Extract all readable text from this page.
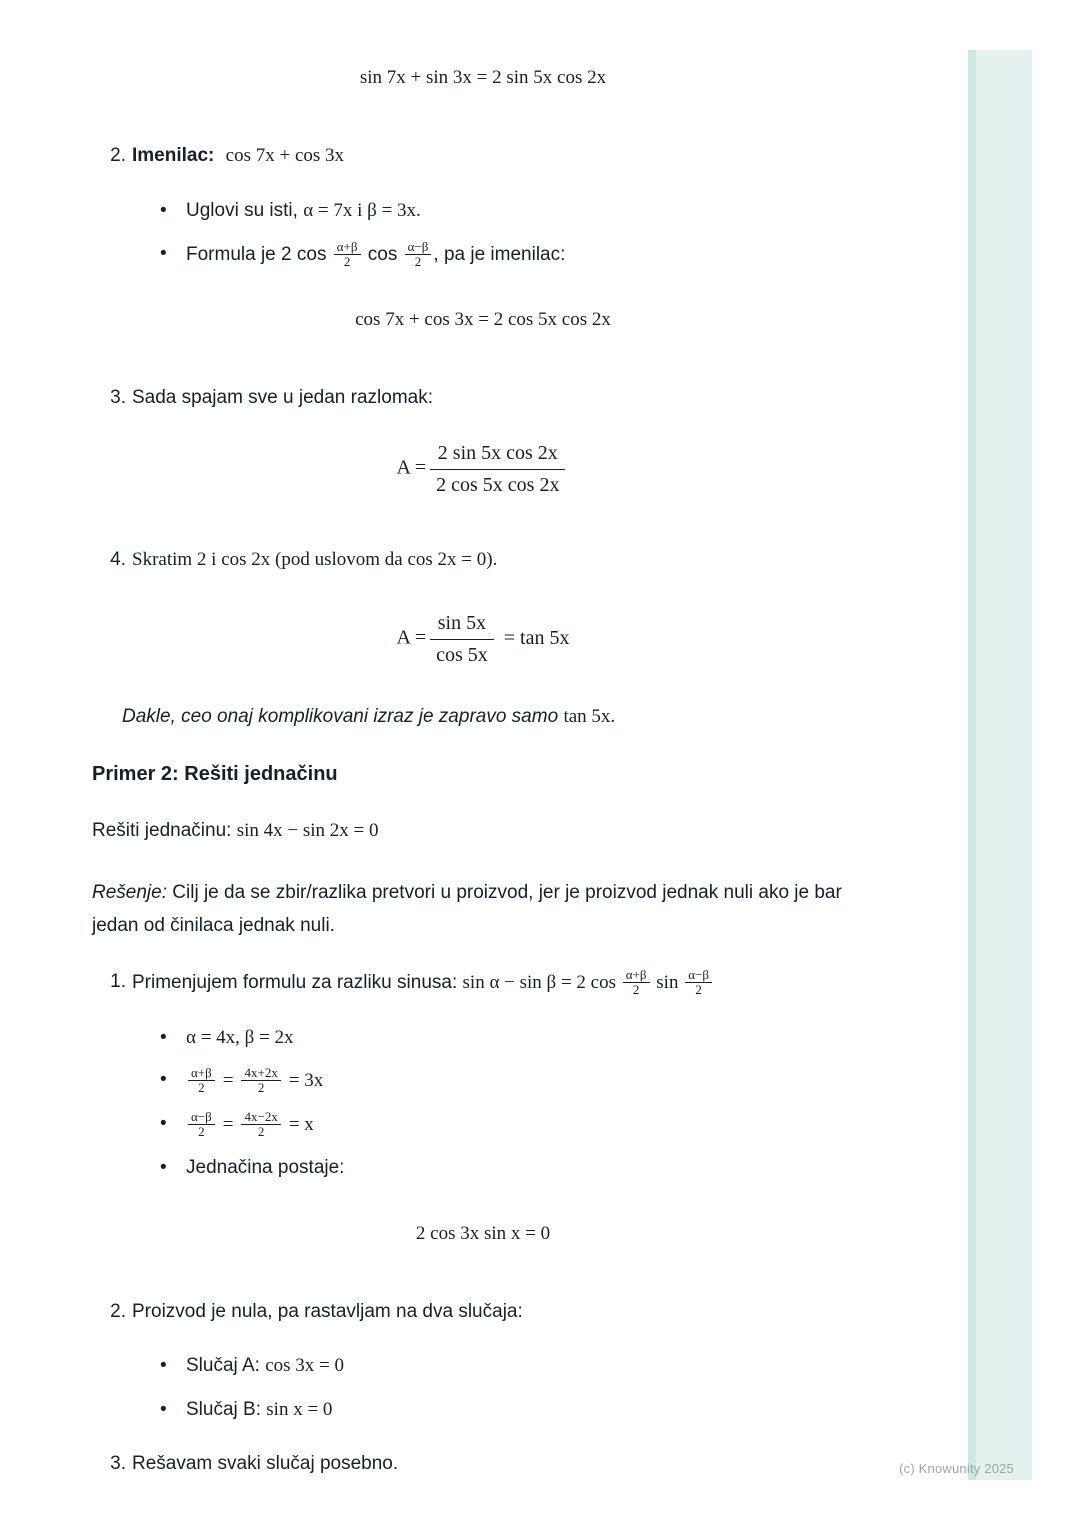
sin 7x + sin 3x = 2 sin 5x cos 2x
2. Imenilac: cos 7x + cos 3x
• Uglovi su isti, α = 7x i β = 3x.
• Formula je 2 $\cos \frac{\alpha+\beta}{2}$ $\cos \frac{\alpha-\beta}{2}$ , pa je imenilac:
cos 7x + cos 3x = 2 cos 5x cos 2x
3. Sada spajam sve u jedan razlomak:
$A = \frac{\text{2 sin 5x cos 2x}}{\text{2 cos 5x cos 2x}}$
4. Skratim 2 i cos 2x (pod uslovom da cos 2x = 0).
$A = \frac{\sin 5x}{\cos 5x} = \tan 5x$
Dakle, ceo onaj komplikovani izraz je zapravo samo tan 5x.
Primer 2: Rešiti jednačinu
Rešiti jednačinu: sin 4x − sin 2x = 0
Rešenje: Cilj je da se zbir/razlika pretvori u proizvod, jer je proizvod jednak nuli ako je bar jedan od činilaca jednak nuli.
1. Primenjujem formulu za razliku sinusa: sin α − sin β = 2 $\cos \frac{\alpha+\beta}{2}$ $\sin \frac{\alpha-\beta}{2}$
• α = 4x, β = 2x
• $\frac{\alpha+\beta}{2} = \frac{4x+2x}{2} = 3x$
• $\frac{\alpha-\beta}{2} = \frac{4x-2x}{2} = x$
• Jednačina postaje:
2 cos 3x sin x = 0
2. Proizvod je nula, pa rastavljam na dva slučaja:
• Slučaj A: cos 3x = 0
• Slučaj B: sin x = 0
3. Rešavam svaki slučaj posebno.	(c) Knowunity 2025
